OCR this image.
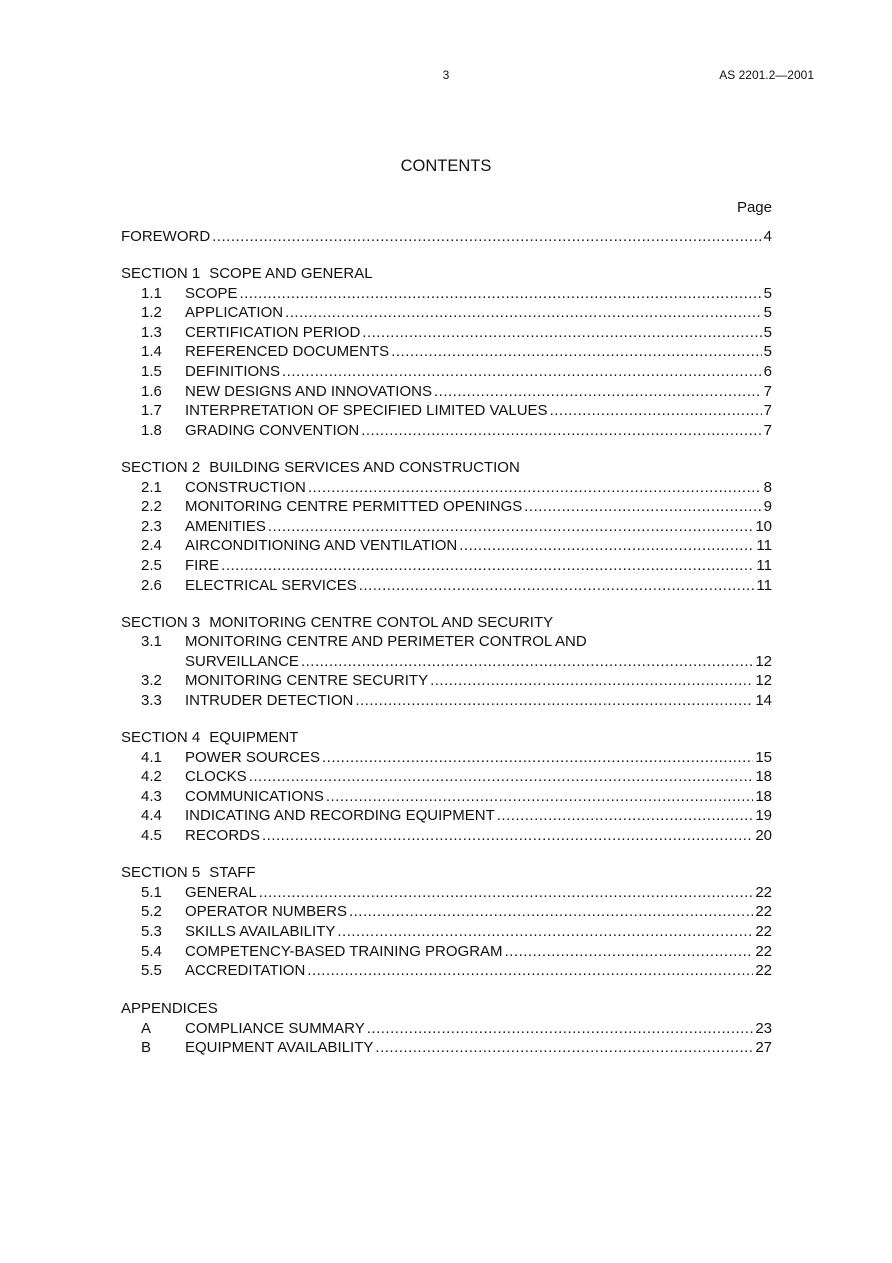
3	AS 2201.2—2001
CONTENTS
Page
FOREWORD .....	4
SECTION 1 SCOPE AND GENERAL
1.1	SCOPE .....	5
1.2	APPLICATION .....	5
1.3	CERTIFICATION PERIOD .....	5
1.4	REFERENCED DOCUMENTS .....	5
1.5	DEFINITIONS .....	6
1.6	NEW DESIGNS AND INNOVATIONS .....	7
1.7	INTERPRETATION OF SPECIFIED LIMITED VALUES .....	7
1.8	GRADING CONVENTION .....	7
SECTION 2 BUILDING SERVICES AND CONSTRUCTION
2.1	CONSTRUCTION .....	8
2.2	MONITORING CENTRE PERMITTED OPENINGS .....	9
2.3	AMENITIES .....	10
2.4	AIRCONDITIONING AND VENTILATION .....	11
2.5	FIRE .....	11
2.6	ELECTRICAL SERVICES .....	11
SECTION 3 MONITORING CENTRE CONTOL AND SECURITY
3.1	MONITORING CENTRE AND PERIMETER CONTROL AND
SURVEILLANCE .....	12
3.2	MONITORING CENTRE SECURITY .....	12
3.3	INTRUDER DETECTION .....	14
SECTION 4 EQUIPMENT
4.1	POWER SOURCES .....	15
4.2	CLOCKS .....	18
4.3	COMMUNICATIONS .....	18
4.4	INDICATING AND RECORDING EQUIPMENT .....	19
4.5	RECORDS .....	20
SECTION 5 STAFF
5.1	GENERAL .....	22
5.2	OPERATOR NUMBERS .....	22
5.3	SKILLS AVAILABILITY .....	22
5.4	COMPETENCY-BASED TRAINING PROGRAM .....	22
5.5	ACCREDITATION .....	22
APPENDICES
A	COMPLIANCE SUMMARY .....	23
B	EQUIPMENT AVAILABILITY .....	27
